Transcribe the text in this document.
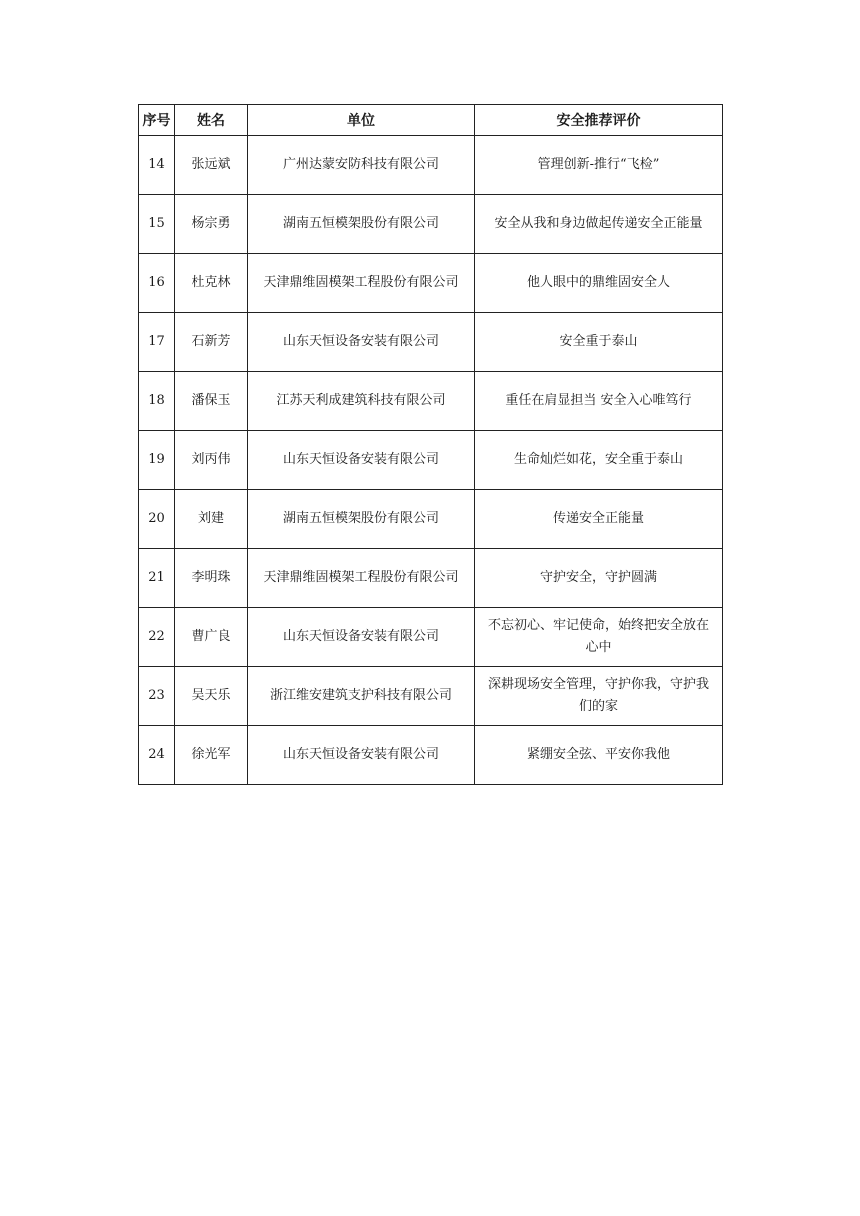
序号	姓名	单位	安全推荐评价
14	张远斌	广州达蒙安防科技有限公司	管理创新-推行“飞检”
15	杨宗勇	湖南五恒模架股份有限公司	安全从我和身边做起传递安全正能量
16	杜克林	天津鼎维固模架工程股份有限公司	他人眼中的鼎维固安全人
17	石新芳	山东天恒设备安装有限公司	安全重于泰山
18	潘保玉	江苏天利成建筑科技有限公司	重任在肩显担当 安全入心唯笃行
19	刘丙伟	山东天恒设备安装有限公司	生命灿烂如花，安全重于泰山
20	刘建	湖南五恒模架股份有限公司	传递安全正能量
21	李明珠	天津鼎维固模架工程股份有限公司	守护安全，守护圆满
22	曹广良	山东天恒设备安装有限公司	不忘初心、牢记使命，始终把安全放在心中
23	吴天乐	浙江维安建筑支护科技有限公司	深耕现场安全管理，守护你我，守护我们的家
24	徐光军	山东天恒设备安装有限公司	紧绷安全弦、平安你我他
